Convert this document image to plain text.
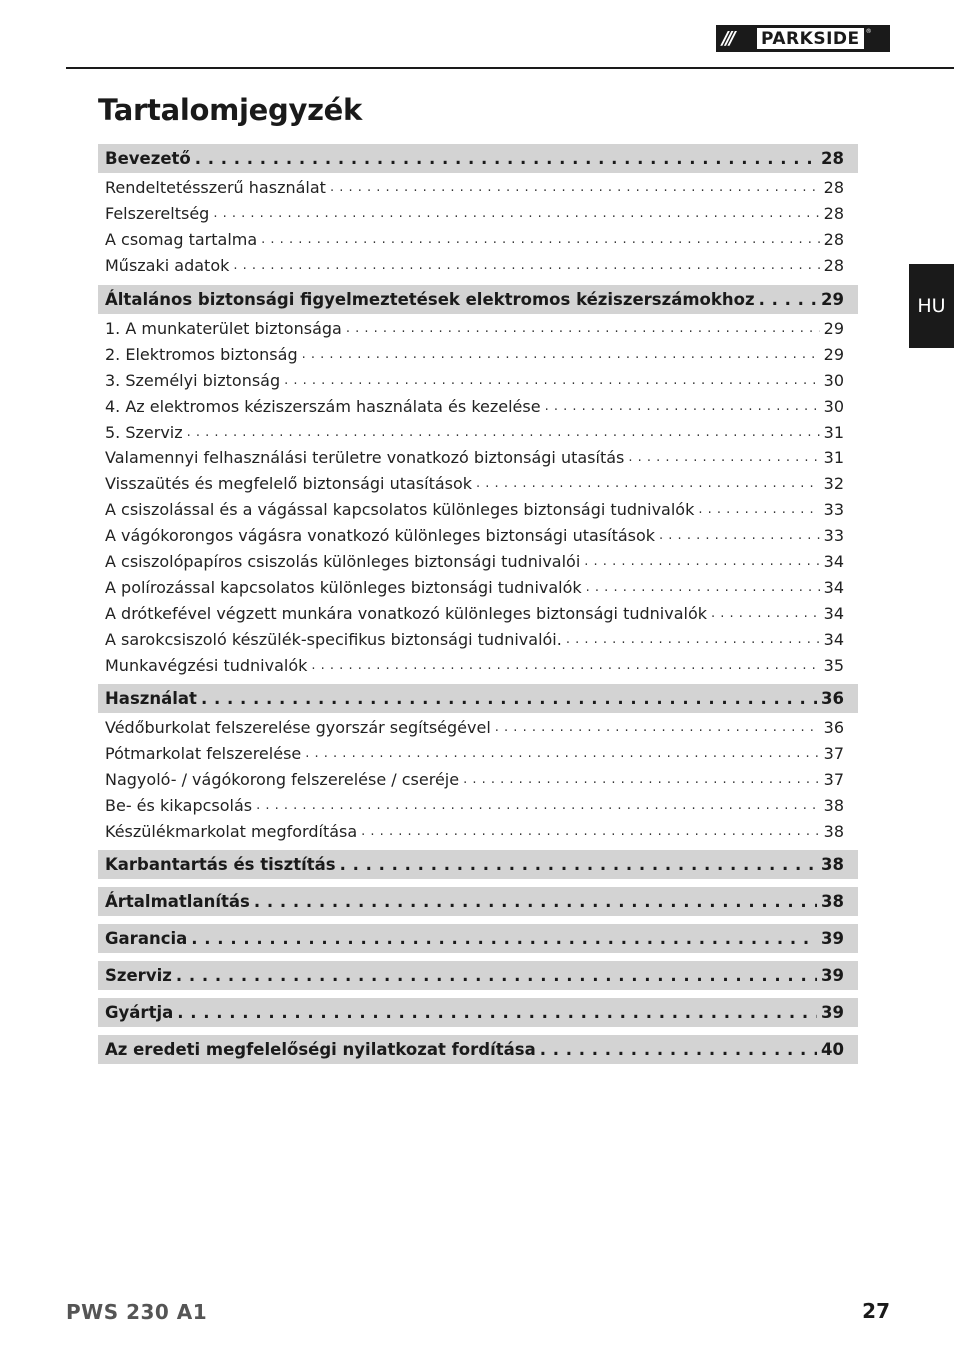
///	PARKSIDE	®
HU
Tartalomjegyzék
Bevezető . . .	28
Rendeltetésszerű használat . . .	28
Felszereltség . . .	28
A csomag tartalma . . .	28
Műszaki adatok . . .	28
Általános biztonsági figyelmeztetések elektromos kéziszerszámokhoz . . .	29
1. A munkaterület biztonsága . . .	29
2. Elektromos biztonság . . .	29
3. Személyi biztonság . . .	30
4. Az elektromos kéziszerszám használata és kezelése . . .	30
5. Szerviz . . .	31
Valamennyi felhasználási területre vonatkozó biztonsági utasítás . . .	31
Visszaütés és megfelelő biztonsági utasítások . . .	32
A csiszolással és a vágással kapcsolatos különleges biztonsági tudnivalók . . .	33
A vágókorongos vágásra vonatkozó különleges biztonsági utasítások . . .	33
A csiszolópapíros csiszolás különleges biztonsági tudnivalói . . .	34
A polírozással kapcsolatos különleges biztonsági tudnivalók . . .	34
A drótkefével végzett munkára vonatkozó különleges biztonsági tudnivalók . . .	34
A sarokcsiszoló készülék-specifikus biztonsági tudnivalói. . . .	34
Munkavégzési tudnivalók . . .	35
Használat . . .	36
Védőburkolat felszerelése gyorszár segítségével . . .	36
Pótmarkolat felszerelése . . .	37
Nagyoló- / vágókorong felszerelése / cseréje . . .	37
Be- és kikapcsolás . . .	38
Készülékmarkolat megfordítása . . .	38
Karbantartás és tisztítás . . .	38
Ártalmatlanítás . . .	38
Garancia . . .	39
Szerviz . . .	39
Gyártja . . .	39
Az eredeti megfelelőségi nyilatkozat fordítása . . .	40
PWS 230 A1	27
